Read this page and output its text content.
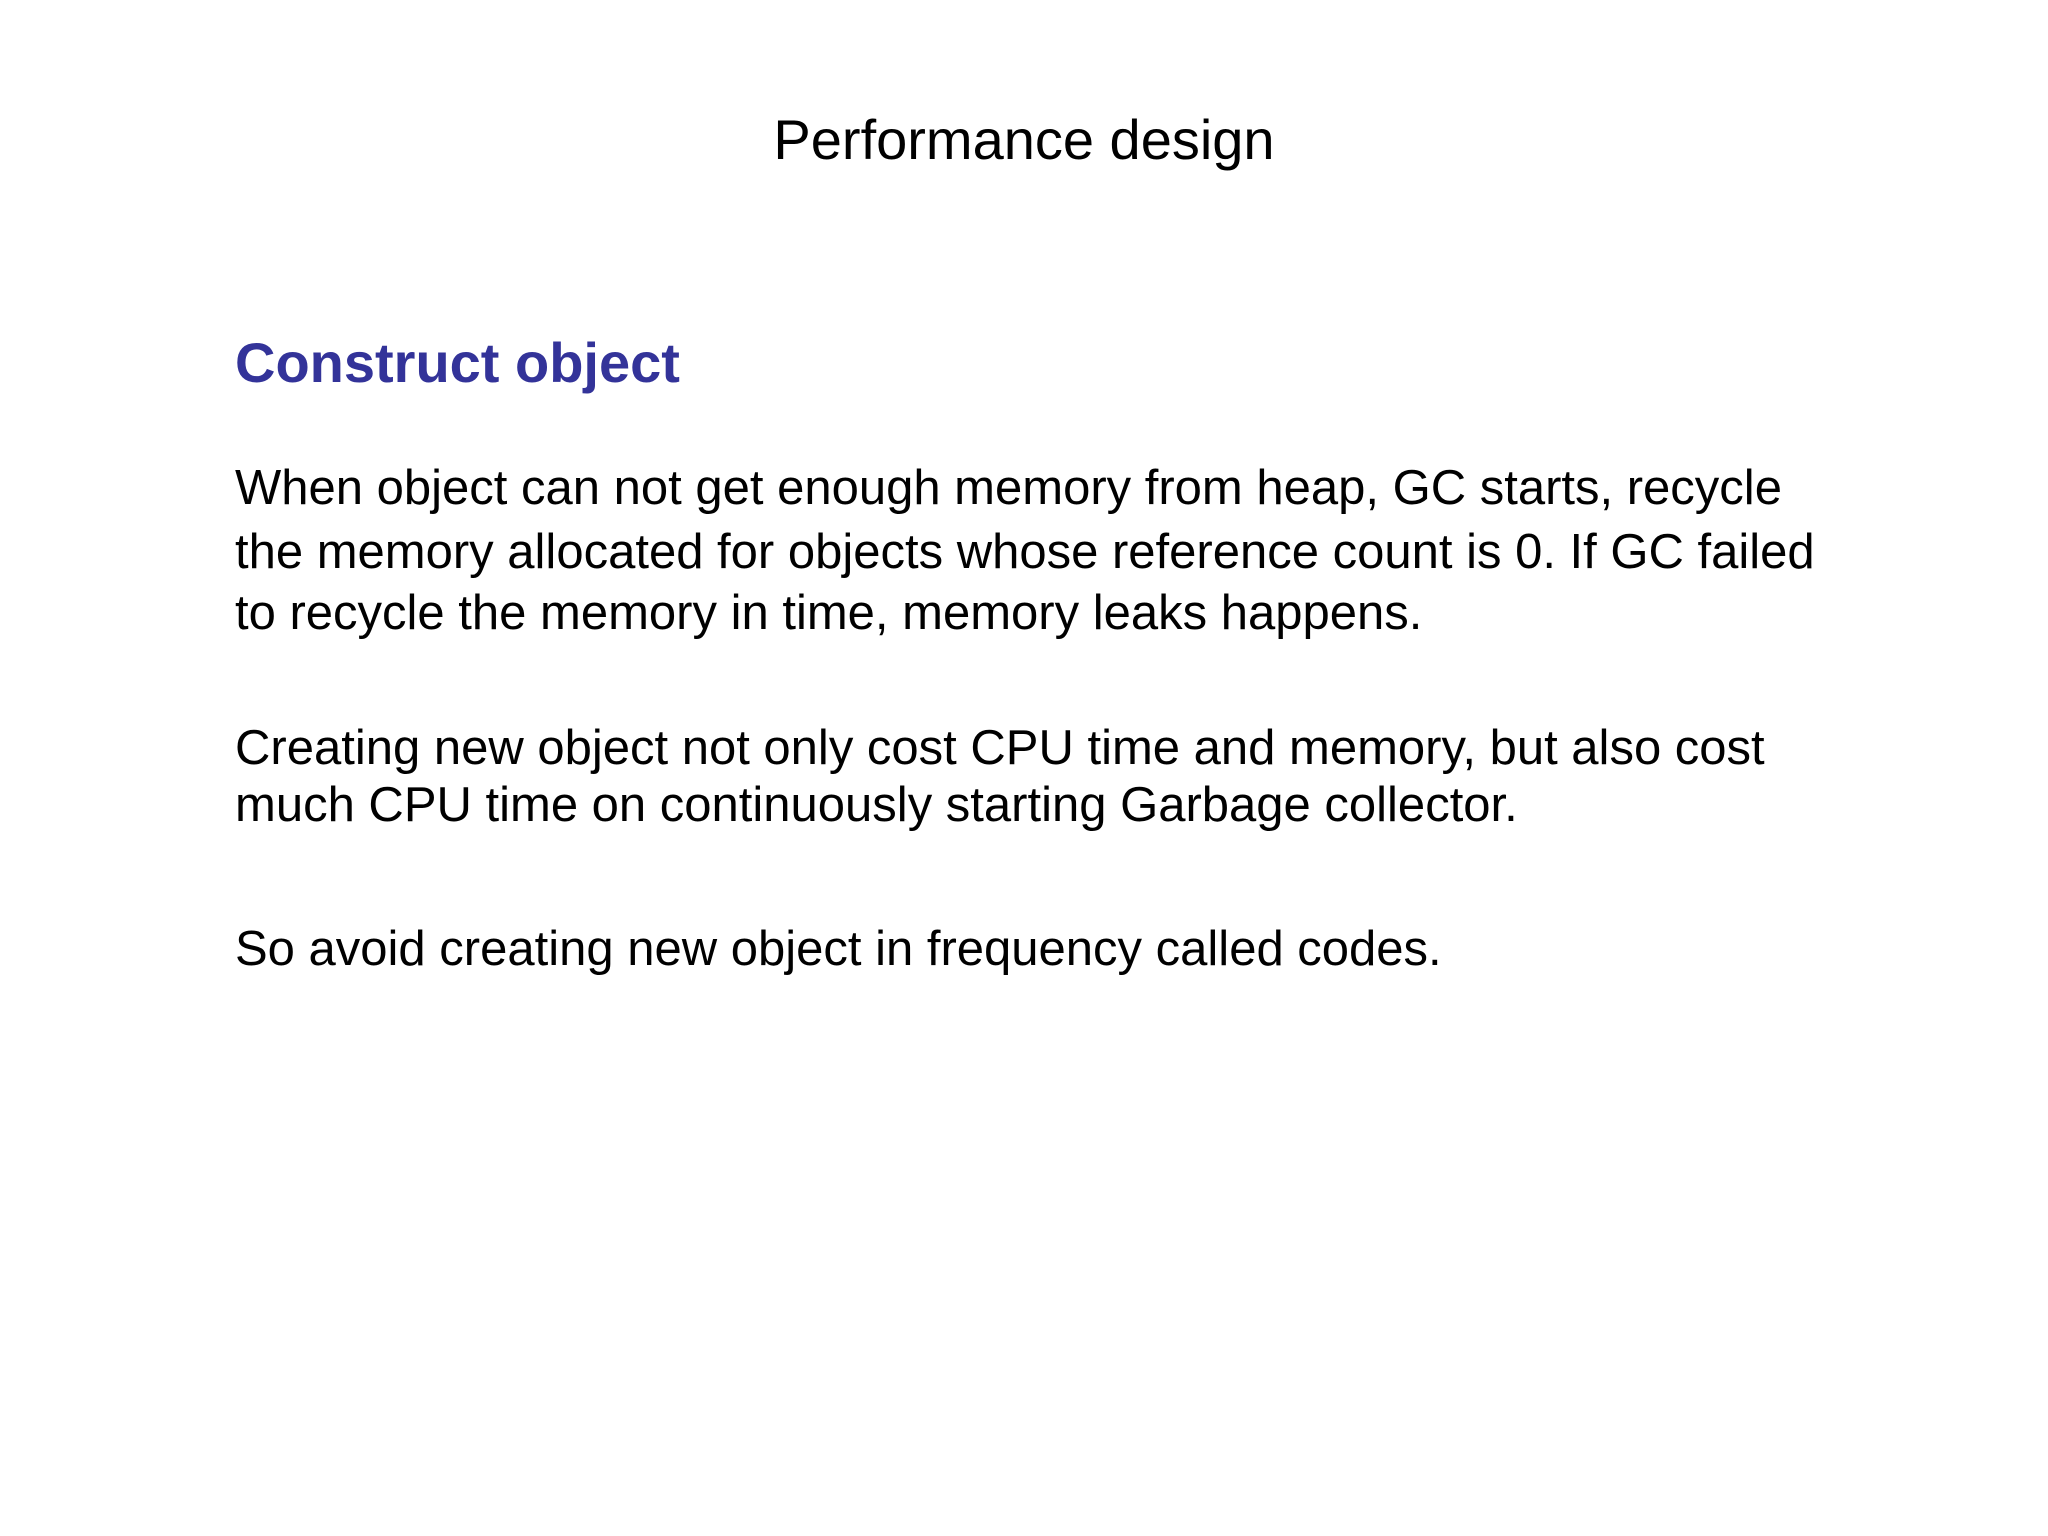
Performance design
Construct object

When object can not get enough memory from heap, GC starts, recycle
the memory allocated for objects whose reference count is 0. If GC failed
to recycle the memory in time, memory leaks happens.

Creating new object not only cost CPU time and memory, but also cost
much CPU time on continuously starting Garbage collector.

So avoid creating new object in frequency called codes.
